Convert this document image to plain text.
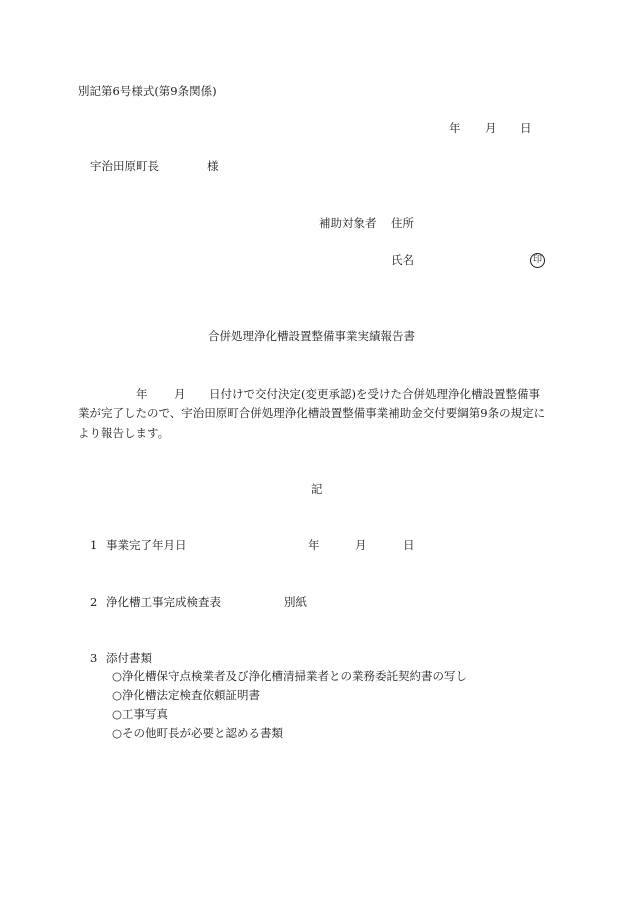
別記第6号様式(第9条関係)
年 月 日
宇治田原町長	様
補助対象者 住所
氏名	印
合併処理浄化槽設置整備事業実績報告書
年 月 日付けで交付決定(変更承認)を受けた合併処理浄化槽設置整備事
業が完了したので、宇治田原町合併処理浄化槽設置整備事業補助金交付要綱第9条の規定に
より報告します。
記
1 事業完了年月日	年	月	日
2 浄化槽工事完成検査表	別紙
3 添付書類
○浄化槽保守点検業者及び浄化槽清掃業者との業務委託契約書の写し
○浄化槽法定検査依頼証明書
○工事写真
○その他町長が必要と認める書類
